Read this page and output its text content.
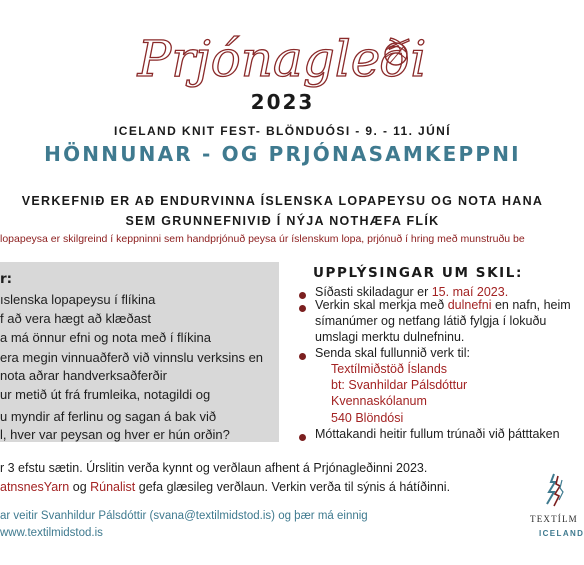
Prjónagleði
2023
ICELAND KNIT FEST- BLÖNDUÓSI - 9. - 11. JÚNÍ
HÖNNUNAR - OG PRJÓNASAMKEPPNI
VERKEFNIÐ ER AÐ ENDURVINNA ÍSLENSKA LOPAPEYSU OG NOTA HANA
SEM GRUNNEFNIVIÐ Í NÝJA NOTHÆFA FLÍK
lopapeysa er skilgreind í keppninni sem handprjónuð peysa úr íslenskum lopa, prjónuð í hring með munstruðu be
r:
ıslenska lopapeysu í flíkina
f að vera hægt að klæðast
a má önnur efni og nota með í flíkina
era megin vinnuaðferð við vinnslu verksins en
nota aðrar handverksaðferðir
ur metið út frá frumleika, notagildi og
u myndir af ferlinu og sagan á bak við
l, hver var peysan og hver er hún orðin?
UPPLÝSINGAR UM SKIL:
Síðasti skiladagur er 15. maí 2023.
Verkin skal merkja með dulnefni en nafn, heim
símanúmer og netfang látið fylgja í lokuðu
umslagi merktu dulnefninu.
Senda skal fullunnið verk til:
Textílmiðstöð Íslands
bt: Svanhildar Pálsdóttur
Kvennaskólanum
540 Blöndósi
Móttakandi heitir fullum trúnaði við þátttaken
r 3 efstu sætin. Úrslitin verða kynnt og verðlaun afhent á Prjónagleðinni 2023.
atnsnesYarn og Rúnalist gefa glæsileg verðlaun. Verkin verða til sýnis á hátíðinni.
ar veitir Svanhildur Pálsdóttir (svana@textilmidstod.is) og þær má einnig
www.textilmidstod.is
TEXTÍLM
ICELAND
